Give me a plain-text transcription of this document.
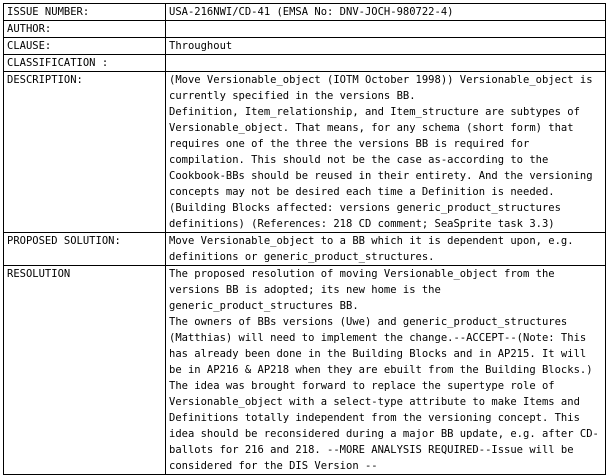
ISSUE NUMBER:	USA-216NWI/CD-41 (EMSA No: DNV-JOCH-980722-4)
AUTHOR:	
CLAUSE:	Throughout
CLASSIFICATION :	
DESCRIPTION:	(Move Versionable_object (IOTM October 1998)) Versionable_object is currently specified in the versions BB.
Definition, Item_relationship, and Item_structure are subtypes of Versionable_object. That means, for any schema (short form) that requires one of the three the versions BB is required for compilation. This should not be the case as-according to the Cookbook-BBs should be reused in their entirety. And the versioning concepts may not be desired each time a Definition is needed. (Building Blocks affected: versions generic_product_structures definitions) (References: 218 CD comment; SeaSprite task 3.3)

PROPOSED SOLUTION:	Move Versionable_object to a BB which it is dependent upon, e.g. definitions or generic_product_structures.
RESOLUTION	The proposed resolution of moving Versionable_object from the versions BB is adopted; its new home is the generic_product_structures BB.
The owners of BBs versions (Uwe) and generic_product_structures (Matthias) will need to implement the change.--ACCEPT--(Note: This has already been done in the Building Blocks and in AP215. It will be in AP216 & AP218 when they are ebuilt from the Building Blocks.)
The idea was brought forward to replace the supertype role of Versionable_object with a select-type attribute to make Items and Definitions totally independent from the versioning concept. This idea should be reconsidered during a major BB update, e.g. after CD-ballots for 216 and 218. --MORE ANALYSIS REQUIRED--Issue will be considered for the DIS Version --
